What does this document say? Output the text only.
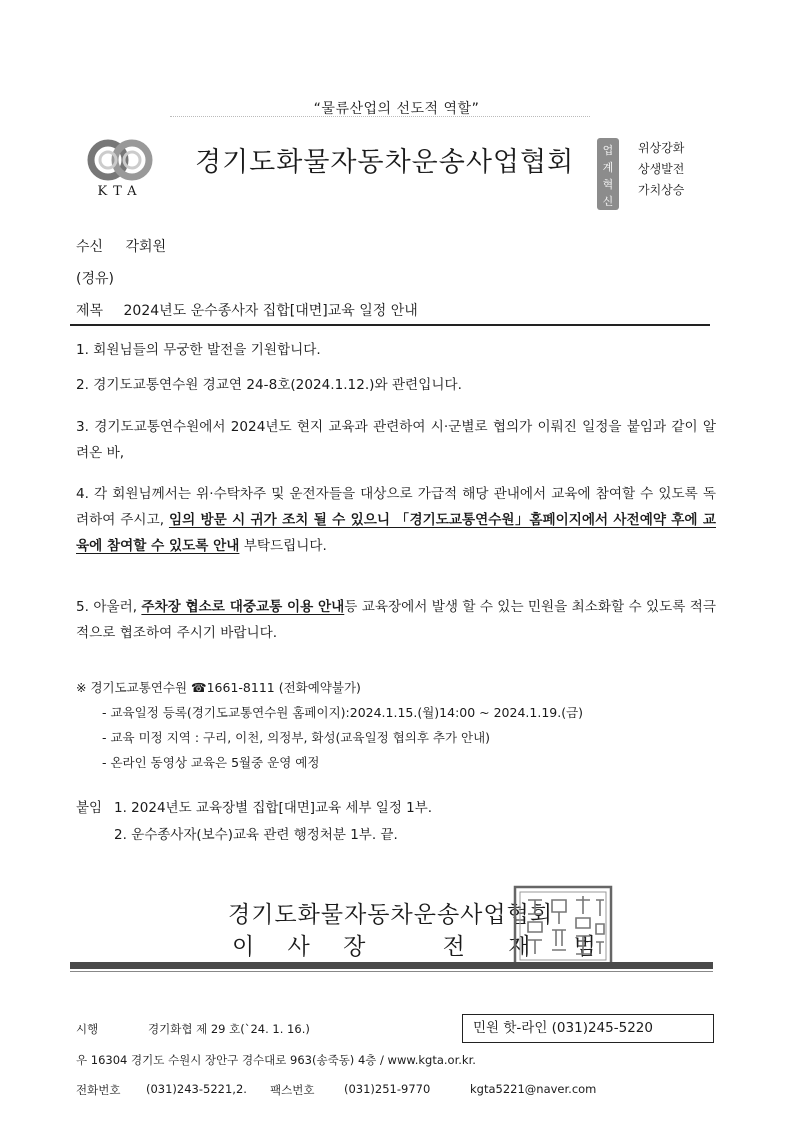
“물류산업의 선도적 역할”
KTA
경기도화물자동차운송사업협회	업
계
혁
신
위상강화
상생발전
가치상승
수신 각회원
(경유)
제목 2024년도 운수종사자 집합[대면]교육 일정 안내
1. 회원님들의 무궁한 발전을 기원합니다.
2. 경기도교통연수원 경교연 24-8호(2024.1.12.)와 관련입니다.
3. 경기도교통연수원에서 2024년도 현지 교육과 관련하여 시·군별로 협의가 이뤄진 일정을 붙임과 같이 알려온 바,
4. 각 회원님께서는 위·수탁차주 및 운전자들을 대상으로 가급적 해당 관내에서 교육에 참여할 수 있도록 독려하여 주시고, 임의 방문 시 귀가 조치 될 수 있으니 「경기도교통연수원」홈페이지에서 사전예약 후에 교육에 참여할 수 있도록 안내 부탁드립니다.
5. 아울러, 주차장 협소로 대중교통 이용 안내등 교육장에서 발생 할 수 있는 민원을 최소화할 수 있도록 적극적으로 협조하여 주시기 바랍니다.
※ 경기도교통연수원 ☎1661-8111 (전화예약불가)
- 교육일정 등록(경기도교통연수원 홈페이지):2024.1.15.(월)14:00 ~ 2024.1.19.(금)
- 교육 미정 지역 : 구리, 이천, 의정부, 화성(교육일정 협의후 추가 안내)
- 온라인 동영상 교육은 5월중 운영 예정
붙임 1. 2024년도 교육장별 집합[대면]교육 세부 일정 1부.
2. 운수종사자(보수)교육 관련 행정처분 1부. 끝.
경기도화물자동차운송사업협회
이 사 장	전 재 범
시행	경기화협 제 29 호(`24. 1. 16.)	민원 핫-라인 (031)245-5220
우 16304 경기도 수원시 장안구 경수대로 963(송죽동) 4층 / www.kgta.or.kr.
전화번호 (031)243-5221,2. 팩스번호	(031)251-9770	kgta5221@naver.com
